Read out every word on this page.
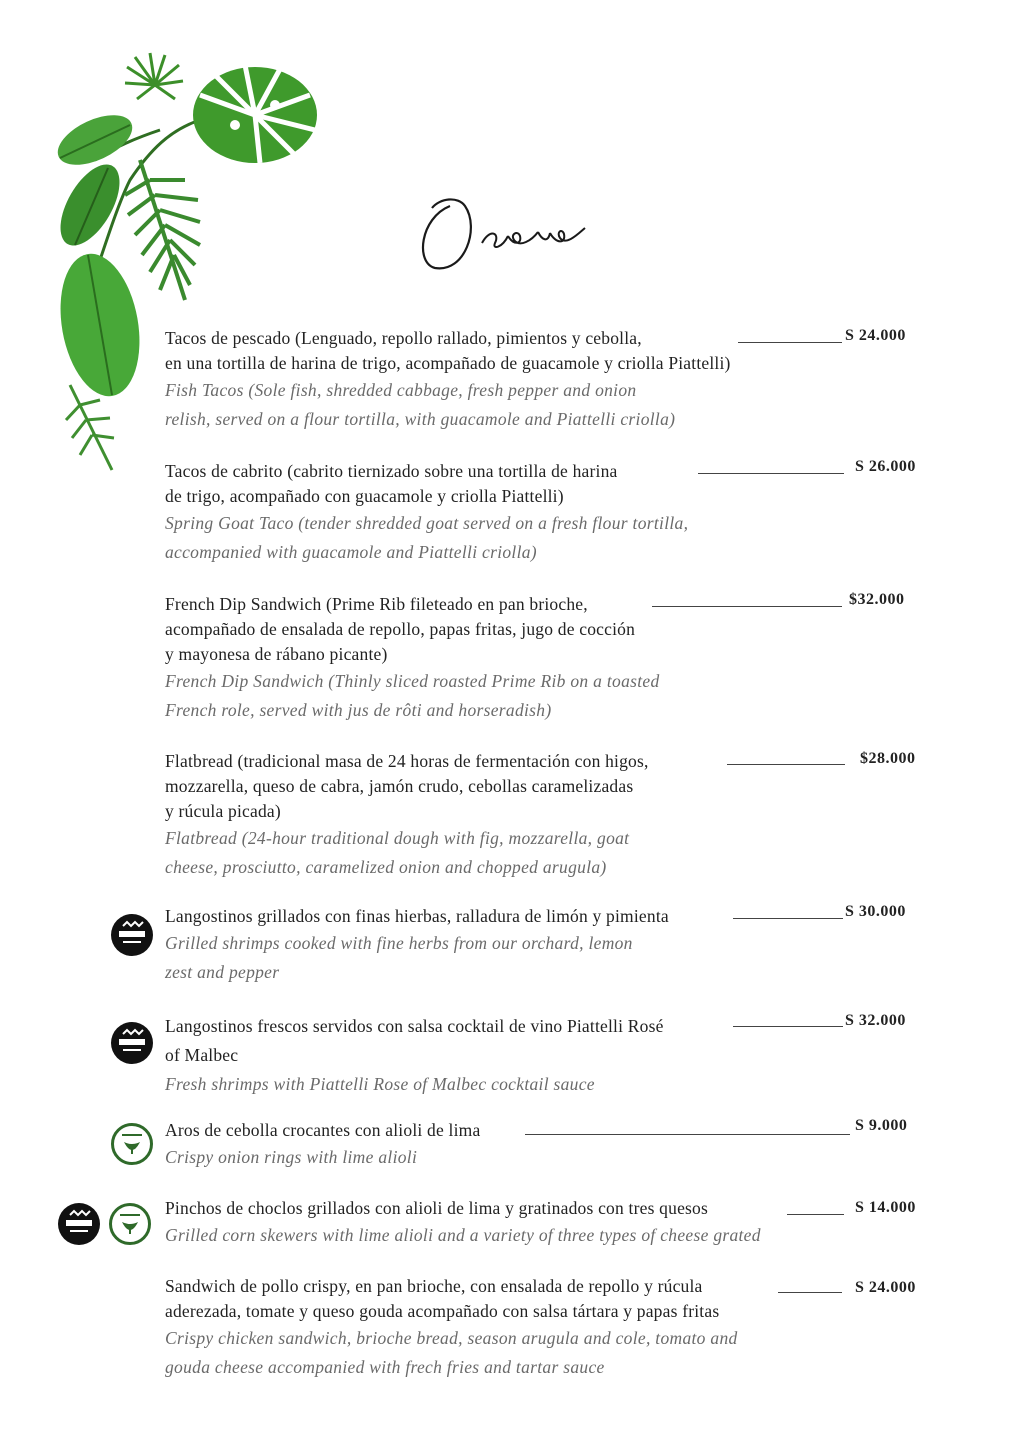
Tacos de pescado (Lenguado, repollo rallado, pimientos y cebolla,
en una tortilla de harina de trigo, acompañado de guacamole y criolla Piattelli)
Fish Tacos (Sole fish, shredded cabbage, fresh pepper and onion
relish, served on a flour tortilla, with guacamole and Piattelli criolla)
S 24.000
Tacos de cabrito (cabrito tiernizado sobre una tortilla de harina
de trigo, acompañado con guacamole y criolla Piattelli)
Spring Goat Taco (tender shredded goat served on a fresh flour tortilla,
accompanied with guacamole and Piattelli criolla)
S 26.000
French Dip Sandwich (Prime Rib fileteado en pan brioche,
acompañado de ensalada de repollo, papas fritas, jugo de cocción
y mayonesa de rábano picante)
French Dip Sandwich (Thinly sliced roasted Prime Rib on a toasted
French role, served with jus de rôti and horseradish)
$32.000
Flatbread (tradicional masa de 24 horas de fermentación con higos,
mozzarella, queso de cabra, jamón crudo, cebollas caramelizadas
y rúcula picada)
Flatbread (24-hour traditional dough with fig, mozzarella, goat
cheese, prosciutto, caramelized onion and chopped arugula)
$28.000
Langostinos grillados con finas hierbas, ralladura de limón y pimienta
Grilled shrimps cooked with fine herbs from our orchard, lemon
zest and pepper
S 30.000
Langostinos frescos servidos con salsa cocktail de vino Piattelli Rosé
of Malbec
Fresh shrimps with Piattelli Rose of Malbec cocktail sauce
S 32.000
Aros de cebolla crocantes con alioli de lima
Crispy onion rings with lime alioli
S 9.000
Pinchos de choclos grillados con alioli de lima y gratinados con tres quesos
Grilled corn skewers with lime alioli and a variety of three types of cheese grated
S 14.000
Sandwich de pollo crispy, en pan brioche, con ensalada de repollo y rúcula
aderezada, tomate y queso gouda acompañado con salsa tártara y papas fritas
Crispy chicken sandwich, brioche bread, season arugula and cole, tomato and
gouda cheese accompanied with frech fries and tartar sauce
S 24.000
